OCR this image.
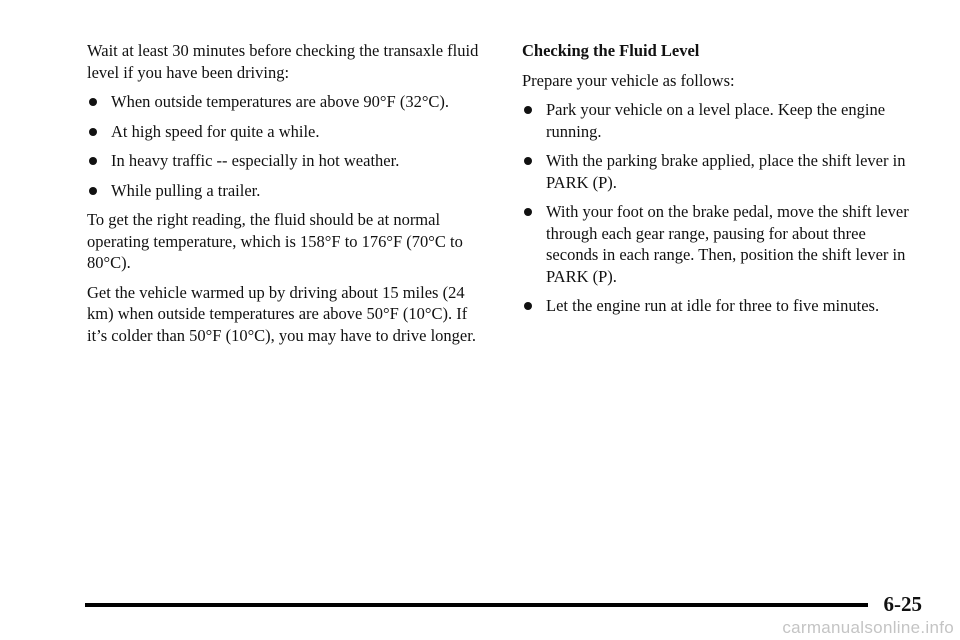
Wait at least 30 minutes before checking the transaxle fluid level if you have been driving:

When outside temperatures are above 90°F (32°C).
At high speed for quite a while.
In heavy traffic -- especially in hot weather.
While pulling a trailer.

To get the right reading, the fluid should be at normal operating temperature, which is 158°F to 176°F (70°C to 80°C).

Get the vehicle warmed up by driving about 15 miles (24 km) when outside temperatures are above 50°F (10°C). If it’s colder than 50°F (10°C), you may have to drive longer.

Checking the Fluid Level

Prepare your vehicle as follows:

Park your vehicle on a level place. Keep the engine running.
With the parking brake applied, place the shift lever in PARK (P).
With your foot on the brake pedal, move the shift lever through each gear range, pausing for about three seconds in each range. Then, position the shift lever in PARK (P).
Let the engine run at idle for three to five minutes.
6-25
carmanualsonline.info
